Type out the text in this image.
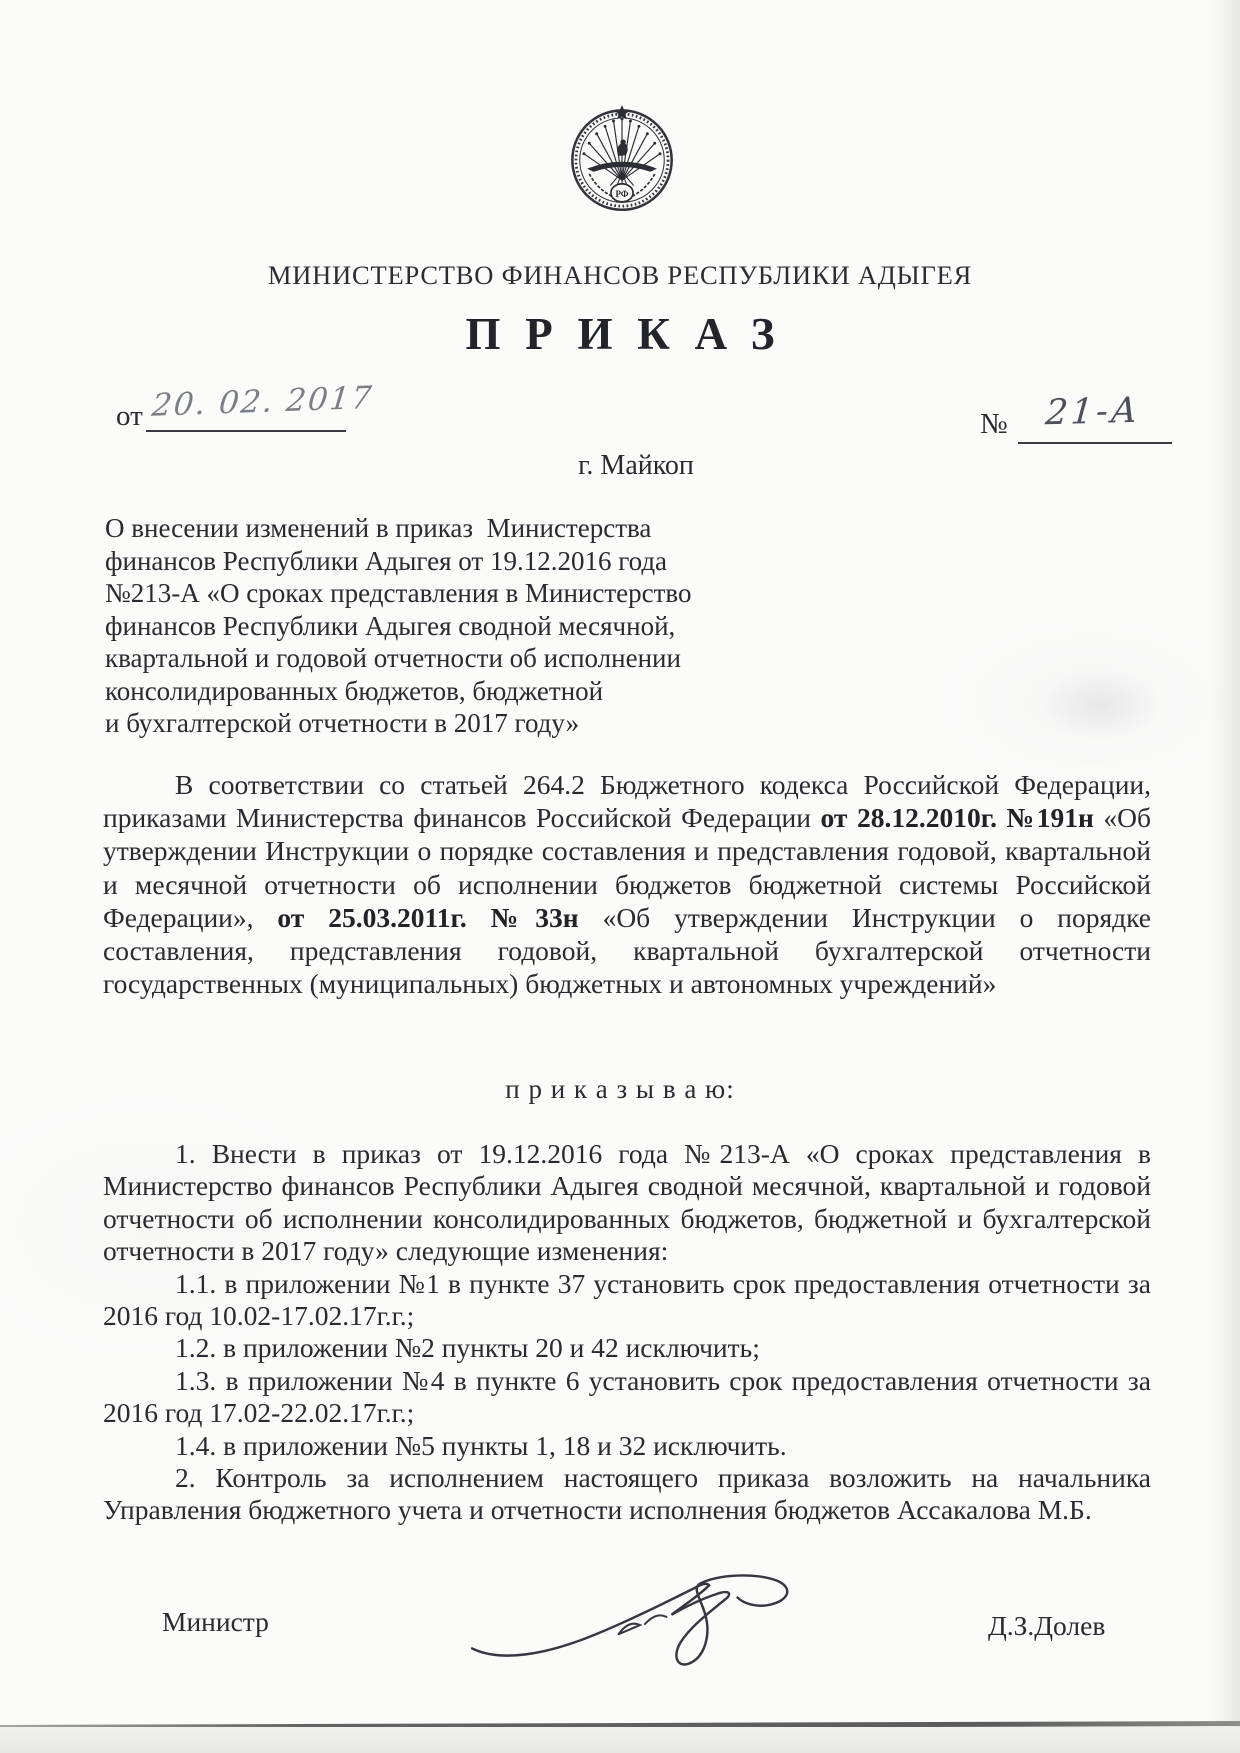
РФ
МИНИСТЕРСТВО ФИНАНСОВ РЕСПУБЛИКИ АДЫГЕЯ
ПРИКАЗ
от 20. 02. 2017
№	21-А
г. Майкоп
О внесении изменений в приказ  Министерства
финансов Республики Адыгея от 19.12.2016 года
№213-А «О сроках представления в Министерство
финансов Республики Адыгея сводной месячной,
квартальной и годовой отчетности об исполнении
консолидированных бюджетов, бюджетной
и бухгалтерской отчетности в 2017 году»

В соответствии со статьей 264.2 Бюджетного кодекса Российской Федерации, приказами Министерства финансов Российской Федерации от 28.12.2010г. №191н «Об утверждении Инструкции о порядке составления и представления годовой, квартальной и месячной отчетности об исполнении бюджетов бюджетной системы Российской Федерации», от 25.03.2011г. №33н «Об утверждении Инструкции о порядке составления, представления годовой, квартальной бухгалтерской отчетности государственных (муниципальных) бюджетных и автономных учреждений»

п р и к а з ы в а ю:

1. Внести в приказ от 19.12.2016 года №213-А «О сроках представления в Министерство финансов Республики Адыгея сводной месячной, квартальной и годовой отчетности об исполнении консолидированных бюджетов, бюджетной и бухгалтерской отчетности в 2017 году» следующие изменения:

1.1. в приложении №1 в пункте 37 установить срок предоставления отчетности за 2016 год 10.02-17.02.17г.г.;

1.2. в приложении №2 пункты 20 и 42 исключить;

1.3. в приложении №4 в пункте 6 установить срок предоставления отчетности за 2016 год 17.02-22.02.17г.г.;

1.4. в приложении №5 пункты 1, 18 и 32 исключить.

2. Контроль за исполнением настоящего приказа возложить на начальника Управления бюджетного учета и отчетности исполнения бюджетов Ассакалова М.Б.

Министр	Д.З.Долев
